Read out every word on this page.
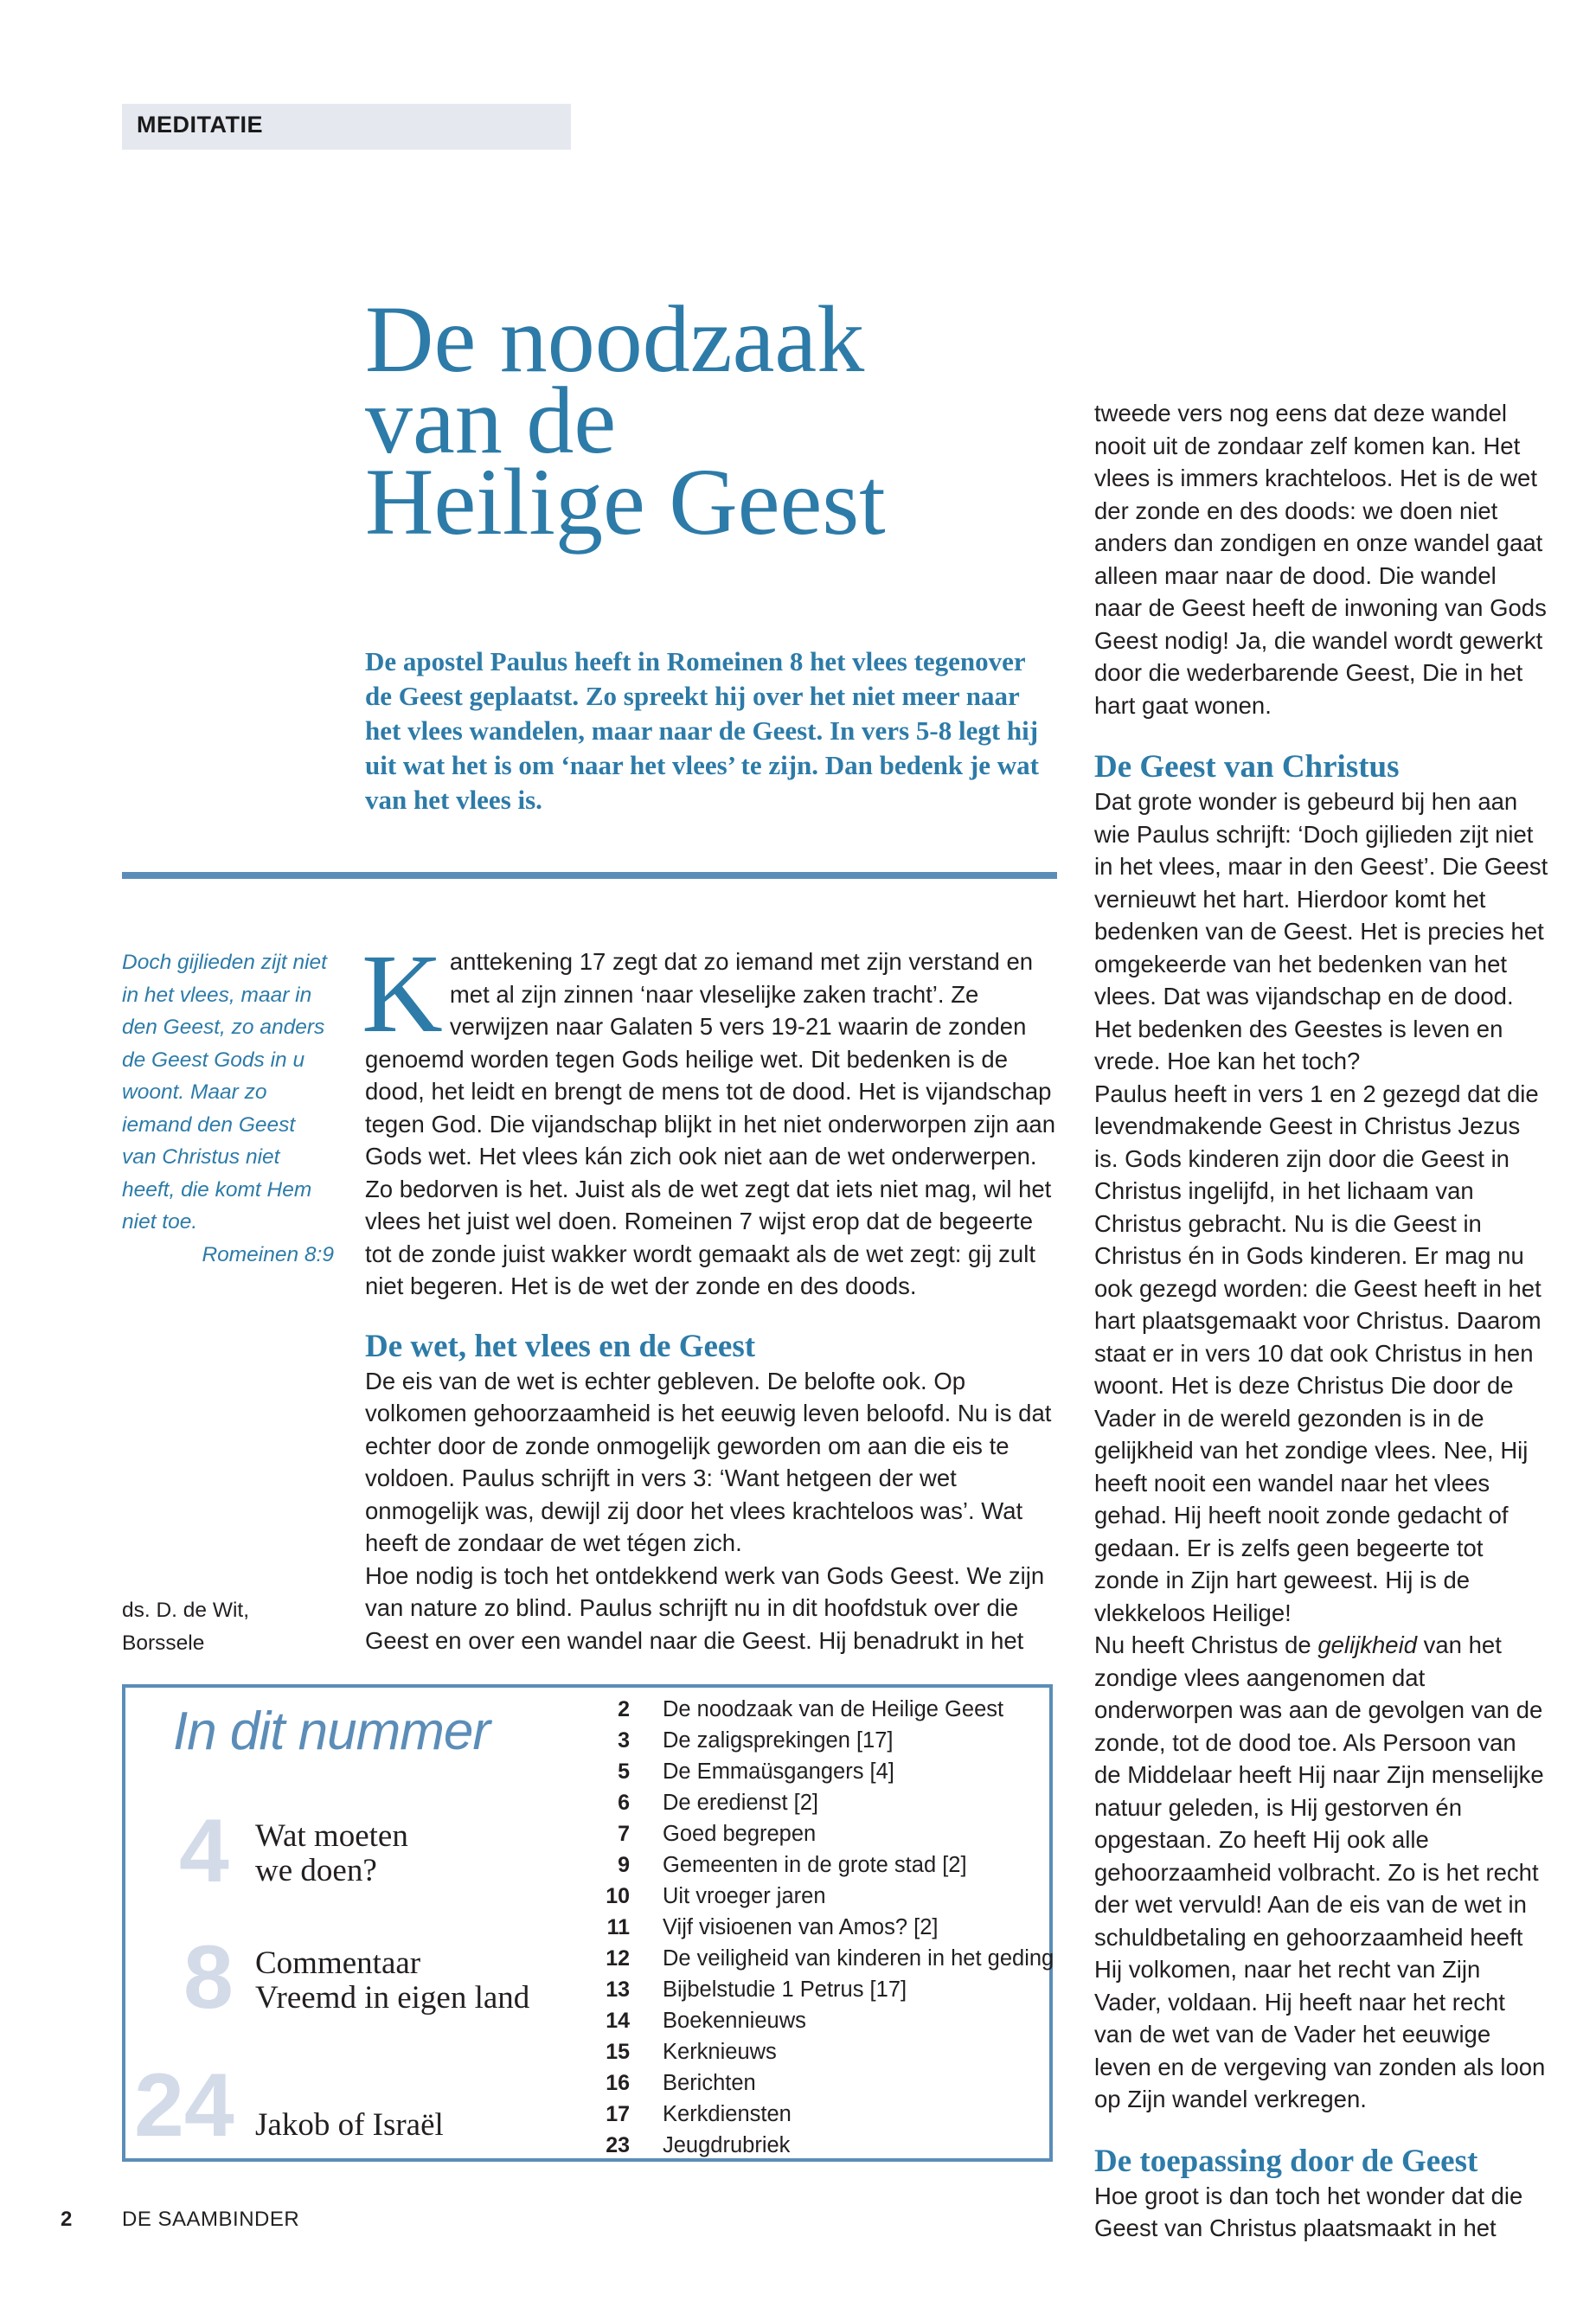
MEDITATIE
De noodzaak
van de
Heilige Geest
De apostel Paulus heeft in Romeinen 8 het vlees tegenover de Geest geplaatst. Zo spreekt hij over het niet meer naar het vlees wandelen, maar naar de Geest. In vers 5-8 legt hij uit wat het is om ‘naar het vlees’ te zijn. Dan bedenk je wat van het vlees is.
Doch gijlieden zijt niet in het vlees, maar in den Geest, zo anders de Geest Gods in u woont. Maar zo iemand den Geest van Christus niet heeft, die komt Hem niet toe.
Romeinen 8:9
ds. D. de Wit,
Borssele

Kanttekening 17 zegt dat zo iemand met zijn verstand en met al zijn zinnen ‘naar vleselijke zaken tracht’. Ze verwijzen naar Galaten 5 vers 19-21 waarin de zonden genoemd worden tegen Gods heilige wet. Dit bedenken is de dood, het leidt en brengt de mens tot de dood. Het is vijandschap tegen God. Die vijandschap blijkt in het niet onderworpen zijn aan Gods wet. Het vlees kán zich ook niet aan de wet onderwerpen. Zo bedorven is het. Juist als de wet zegt dat iets niet mag, wil het vlees het juist wel doen. Romeinen 7 wijst erop dat de begeerte tot de zonde juist wakker wordt gemaakt als de wet zegt: gij zult niet begeren. Het is de wet der zonde en des doods.

De wet, het vlees en de Geest

De eis van de wet is echter gebleven. De belofte ook. Op volkomen gehoorzaamheid is het eeuwig leven beloofd. Nu is dat echter door de zonde onmogelijk geworden om aan die eis te voldoen. Paulus schrijft in vers 3: ‘Want hetgeen der wet onmogelijk was, dewijl zij door het vlees krachteloos was’. Wat heeft de zondaar de wet tégen zich.

Hoe nodig is toch het ontdekkend werk van Gods Geest. We zijn van nature zo blind. Paulus schrijft nu in dit hoofdstuk over die Geest en over een wandel naar die Geest. Hij benadrukt in het

tweede vers nog eens dat deze wandel nooit uit de zondaar zelf komen kan. Het vlees is immers krachteloos. Het is de wet der zonde en des doods: we doen niet anders dan zondigen en onze wandel gaat alleen maar naar de dood. Die wandel naar de Geest heeft de inwoning van Gods Geest nodig! Ja, die wandel wordt gewerkt door die wederbarende Geest, Die in het hart gaat wonen.

De Geest van Christus

Dat grote wonder is gebeurd bij hen aan wie Paulus schrijft: ‘Doch gijlieden zijt niet in het vlees, maar in den Geest’. Die Geest vernieuwt het hart. Hierdoor komt het bedenken van de Geest. Het is precies het omgekeerde van het bedenken van het vlees. Dat was vijandschap en de dood. Het bedenken des Geestes is leven en vrede. Hoe kan het toch?

Paulus heeft in vers 1 en 2 gezegd dat die levendmakende Geest in Christus Jezus is. Gods kinderen zijn door die Geest in Christus ingelijfd, in het lichaam van Christus gebracht. Nu is die Geest in Christus én in Gods kinderen. Er mag nu ook gezegd worden: die Geest heeft in het hart plaatsgemaakt voor Christus. Daarom staat er in vers 10 dat ook Christus in hen woont. Het is deze Christus Die door de Vader in de wereld gezonden is in de gelijkheid van het zondige vlees. Nee, Hij heeft nooit een wandel naar het vlees gehad. Hij heeft nooit zonde gedacht of gedaan. Er is zelfs geen begeerte tot zonde in Zijn hart geweest. Hij is de vlekkeloos Heilige!

Nu heeft Christus de gelijkheid van het zondige vlees aangenomen dat onderworpen was aan de gevolgen van de zonde, tot de dood toe. Als Persoon van de Middelaar heeft Hij naar Zijn menselijke natuur geleden, is Hij gestorven én opgestaan. Zo heeft Hij ook alle gehoorzaamheid volbracht. Zo is het recht der wet vervuld! Aan de eis van de wet in schuldbetaling en gehoorzaamheid heeft Hij volkomen, naar het recht van Zijn Vader, voldaan. Hij heeft naar het recht van de wet van de Vader het eeuwige leven en de vergeving van zonden als loon op Zijn wandel verkregen.

De toepassing door de Geest

Hoe groot is dan toch het wonder dat die Geest van Christus plaatsmaakt in het

In dit nummer
4 Wat moeten
we doen?
8 Commentaar
Vreemd in eigen land
24 Jakob of Israël
2 De noodzaak van de Heilige Geest
3 De zaligsprekingen [17]
5 De Emmaüsgangers [4]
6 De eredienst [2]
7 Goed begrepen
9 Gemeenten in de grote stad [2]
10 Uit vroeger jaren
11 Vijf visioenen van Amos? [2]
12 De veiligheid van kinderen in het geding
13 Bijbelstudie 1 Petrus [17]
14 Boekennieuws
15 Kerknieuws
16 Berichten
17 Kerkdiensten
23 Jeugdrubriek
2 DE SAAMBINDER
